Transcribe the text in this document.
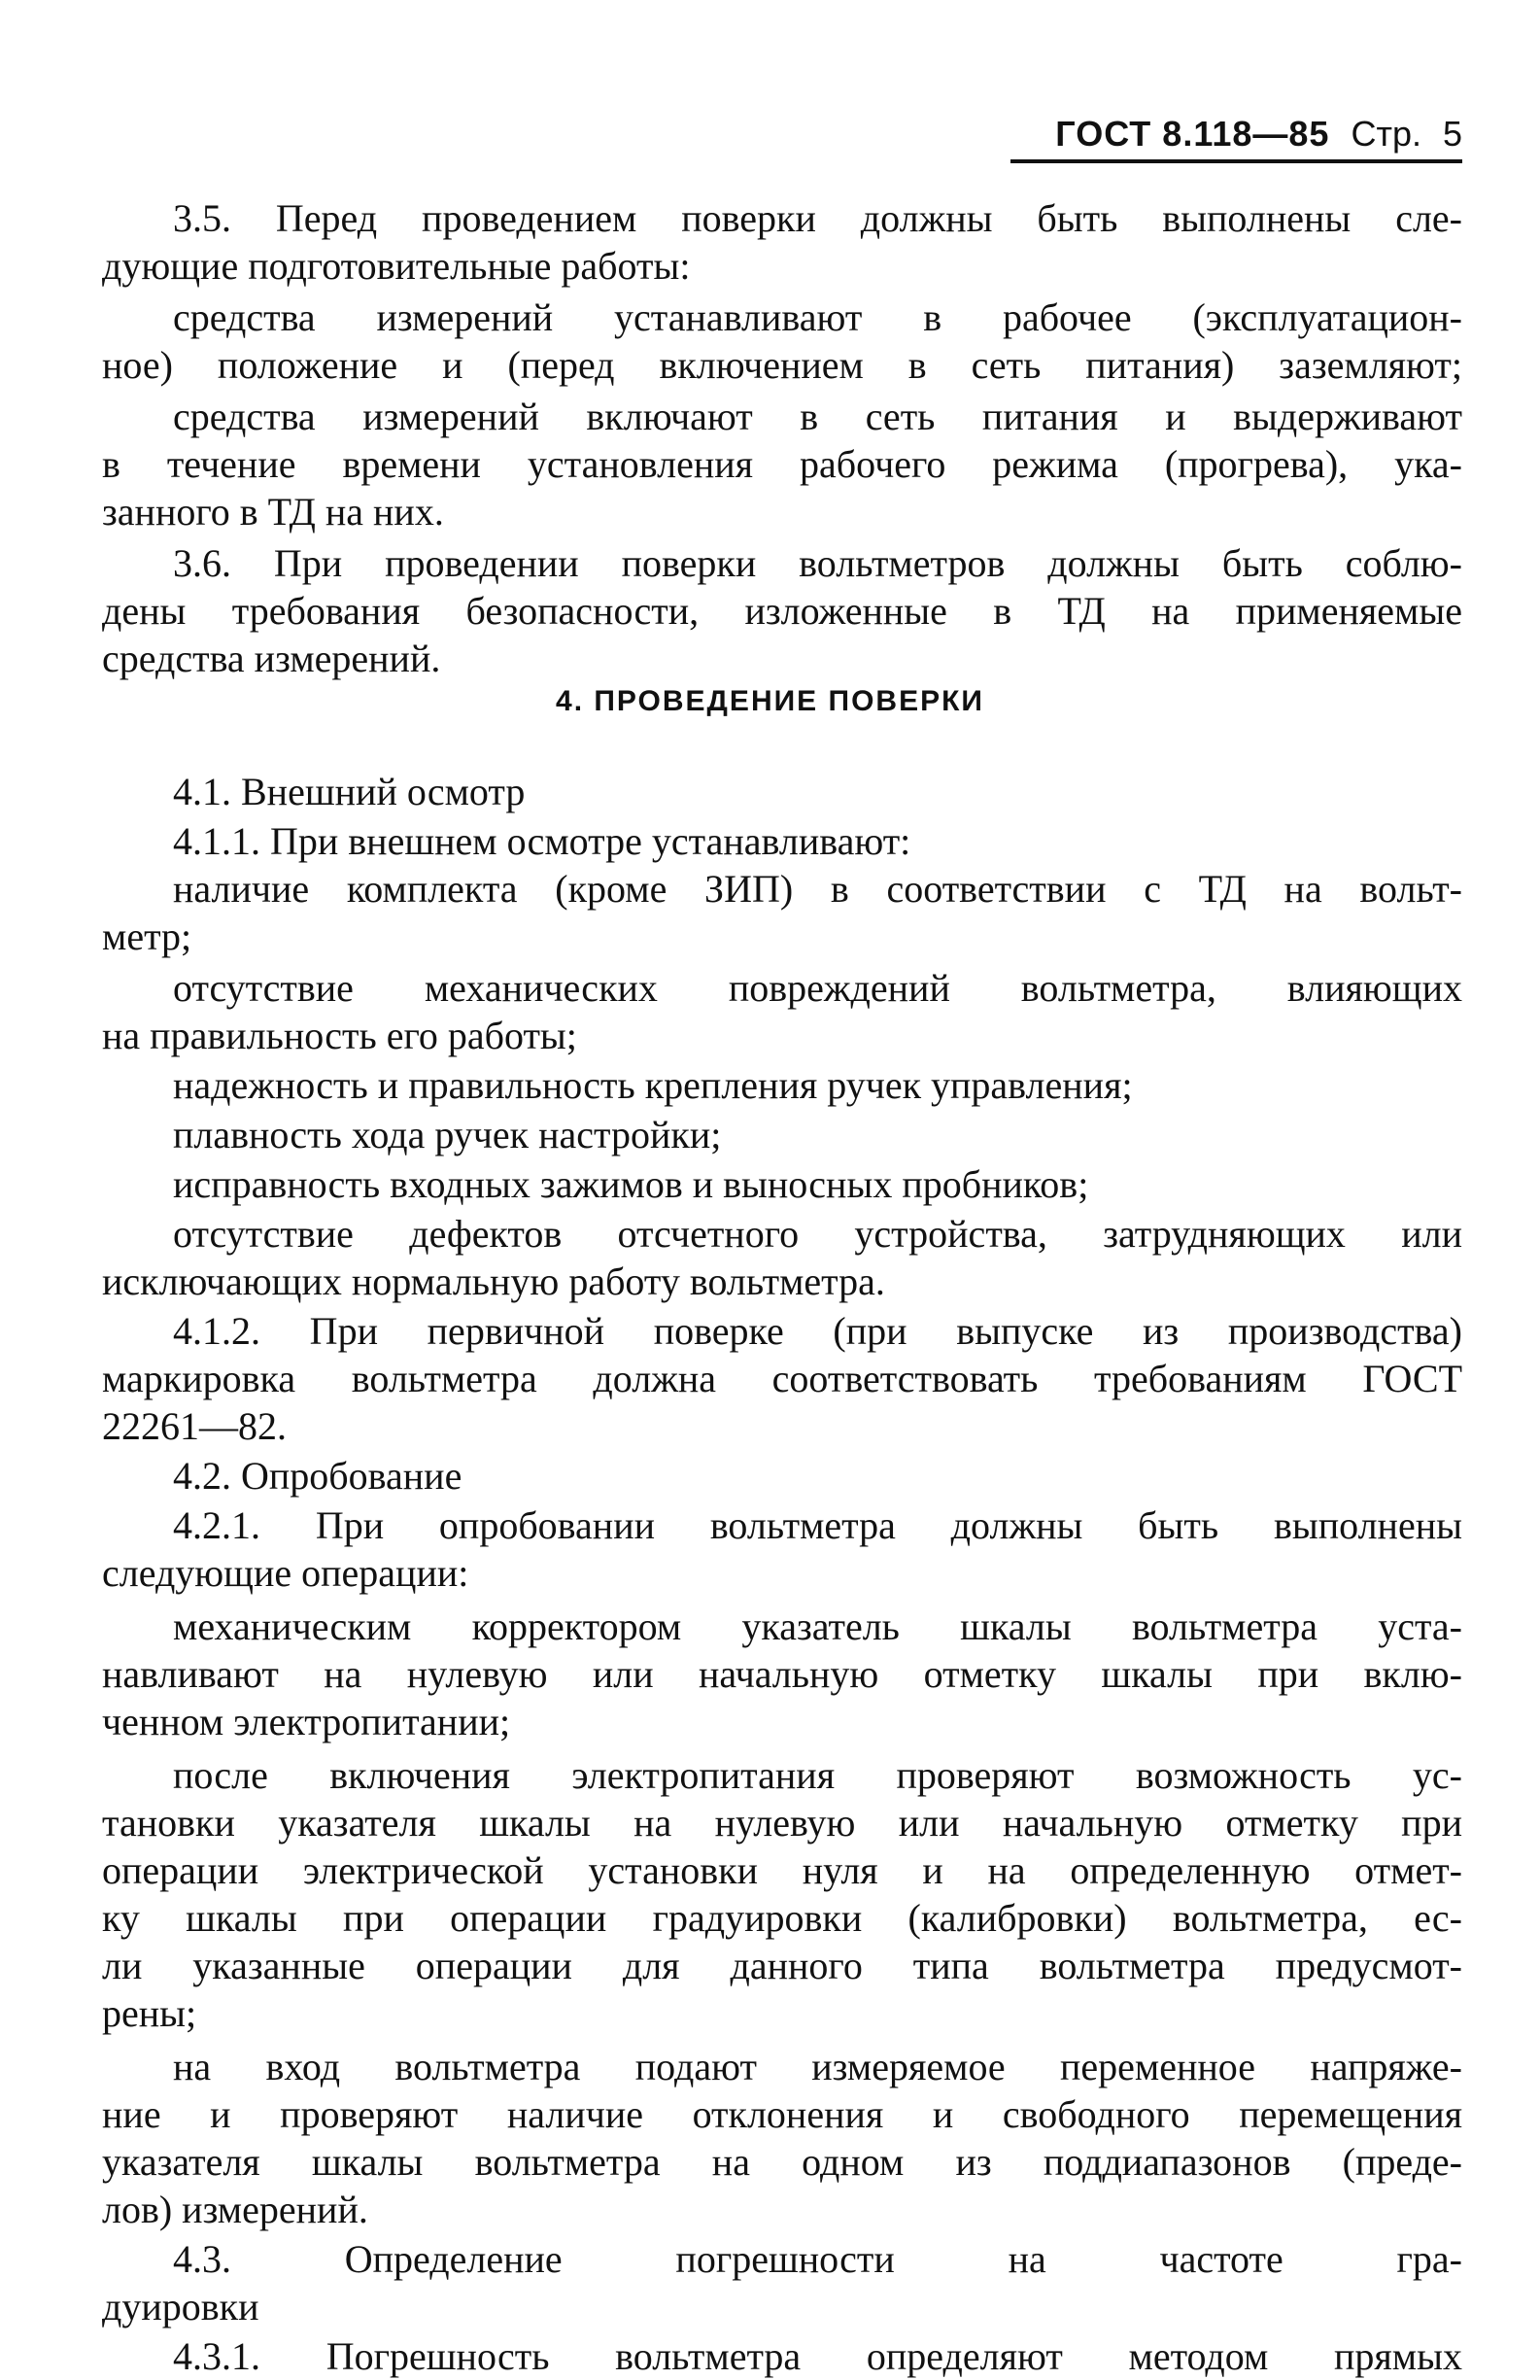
ГОСТ 8.118—85 Стр. 5
3.5. Перед проведением поверки должны быть выполнены сле-
дующие подготовительные работы:
средства измерений устанавливают в рабочее (эксплуатацион-
ное) положение и (перед включением в сеть питания) заземляют;
средства измерений включают в сеть питания и выдерживают
в течение времени установления рабочего режима (прогрева), ука-
занного в ТД на них.
3.6. При проведении поверки вольтметров должны быть соблю-
дены требования безопасности, изложенные в ТД на применяемые
средства измерений.
4. ПРОВЕДЕНИЕ ПОВЕРКИ
4.1. Внешний осмотр
4.1.1. При внешнем осмотре устанавливают:
наличие комплекта (кроме ЗИП) в соответствии с ТД на вольт-
метр;
отсутствие механических повреждений вольтметра, влияющих
на правильность его работы;
надежность и правильность крепления ручек управления;
плавность хода ручек настройки;
исправность входных зажимов и выносных пробников;
отсутствие дефектов отсчетного устройства, затрудняющих или
исключающих нормальную работу вольтметра.
4.1.2. При первичной поверке (при выпуске из производства)
маркировка вольтметра должна соответствовать требованиям ГОСТ
22261—82.
4.2. Опробование
4.2.1. При опробовании вольтметра должны быть выполнены
следующие операции:
механическим корректором указатель шкалы вольтметра уста-
навливают на нулевую или начальную отметку шкалы при вклю-
ченном электропитании;
после включения электропитания проверяют возможность ус-
тановки указателя шкалы на нулевую или начальную отметку при
операции электрической установки нуля и на определенную отмет-
ку шкалы при операции градуировки (калибровки) вольтметра, ес-
ли указанные операции для данного типа вольтметра предусмот-
рены;
на вход вольтметра подают измеряемое переменное напряже-
ние и проверяют наличие отклонения и свободного перемещения
указателя шкалы вольтметра на одном из поддиапазонов (преде-
лов) измерений.
4.3. Определение погрешности на частоте гра-
дуировки
4.3.1. Погрешность вольтметра определяют методом прямых
